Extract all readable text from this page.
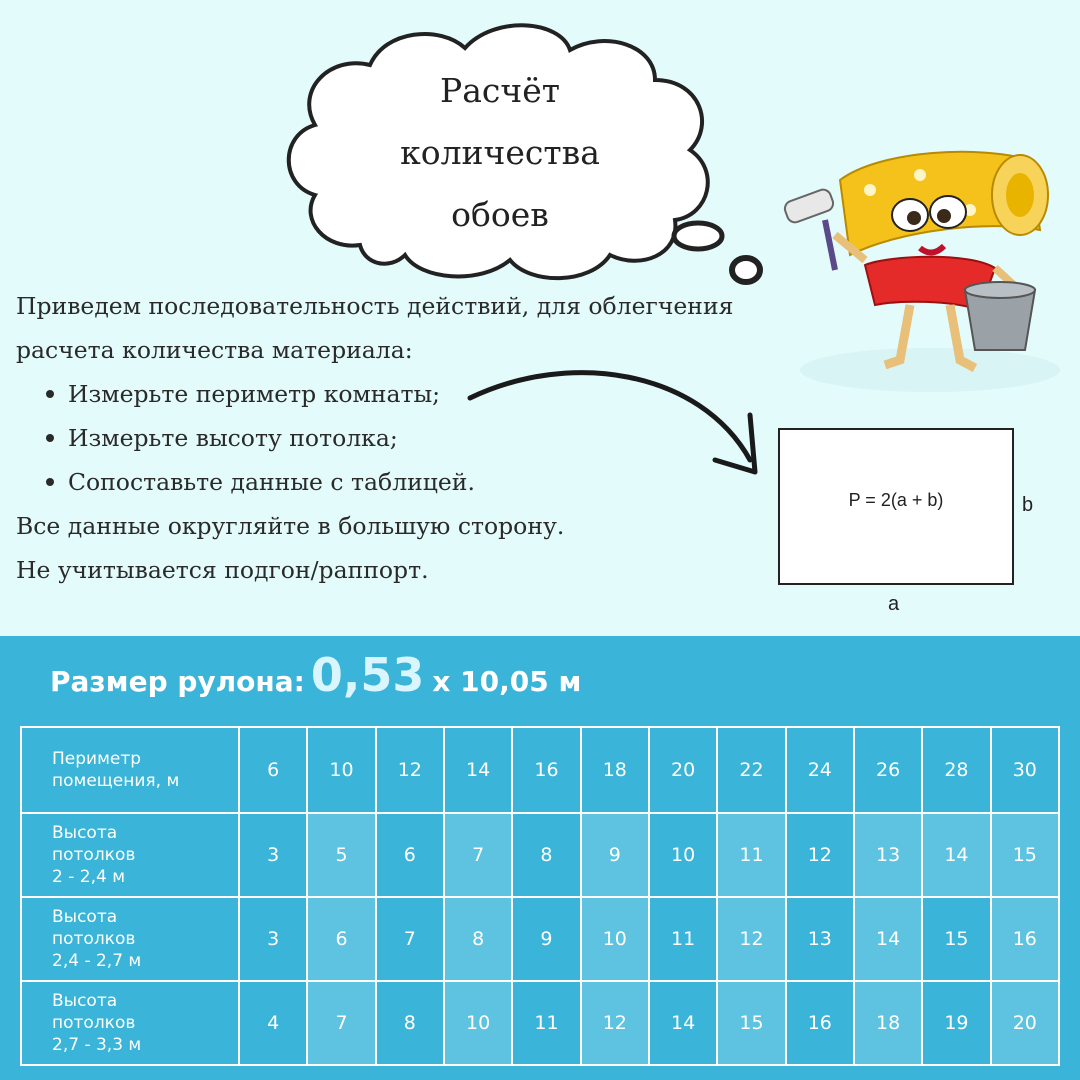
Расчёт
количества
обоев

Приведем последовательность действий, для облегчения расчета количества материала:

Измерьте периметр комнаты;
Измерьте высоту потолка;
Сопоставьте данные с таблицей.

Все данные округляйте в большую сторону.

Не учитывается подгон/раппорт.

P = 2(a + b)	b
a
Размер рулона: 0,53 х 10,05 м
Периметр
помещения, м	6	10	12	14	16	18	20	22	24	26	28	30

Высота
потолков
2 - 2,4 м	3	5	6	7	8	9	10	11	12	13	14	15

Высота
потолков
2,4 - 2,7 м	3	6	7	8	9	10	11	12	13	14	15	16

Высота
потолков
2,7 - 3,3 м	4	7	8	10	11	12	14	15	16	18	19	20
